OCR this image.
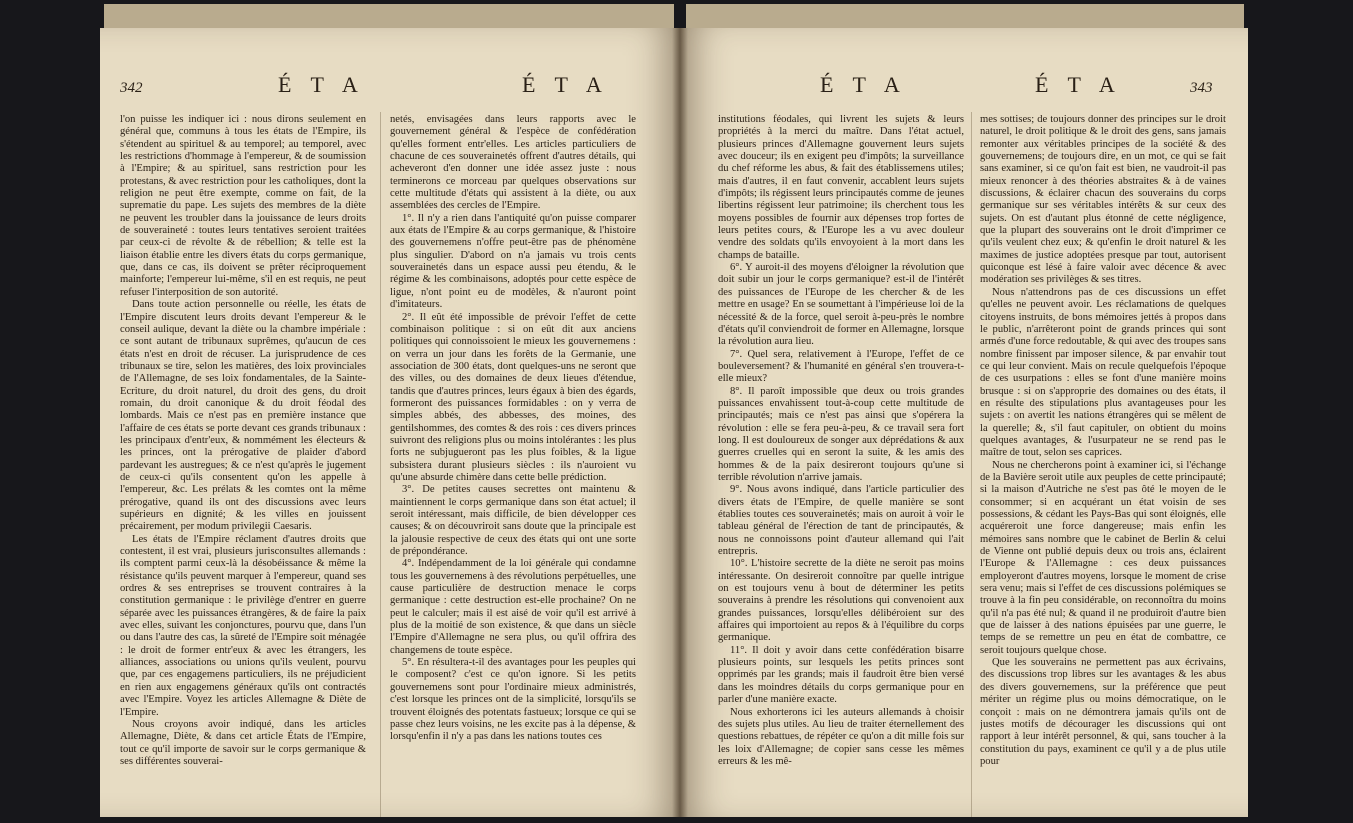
342	É T A	É T A

l'on puisse les indiquer ici : nous dirons seulement en général que, communs à tous les états de l'Empire, ils s'étendent au spirituel & au temporel; au temporel, avec les restrictions d'hommage à l'empereur, & de soumission à l'Empire; & au spirituel, sans restriction pour les protestans, & avec restriction pour les catholiques, dont la religion ne peut être exempte, comme on fait, de la suprematie du pape. Les sujets des membres de la diète ne peuvent les troubler dans la jouissance de leurs droits de souveraineté : toutes leurs tentatives seroient traitées par ceux-ci de révolte & de rébellion; & telle est la liaison établie entre les divers états du corps germanique, que, dans ce cas, ils doivent se prêter réciproquement mainforte; l'empereur lui-même, s'il en est requis, ne peut refuser l'interposition de son autorité.

Dans toute action personnelle ou réelle, les états de l'Empire discutent leurs droits devant l'empereur & le conseil aulique, devant la diète ou la chambre impériale : ce sont autant de tribunaux suprêmes, qu'aucun de ces états n'est en droit de récuser. La jurisprudence de ces tribunaux se tire, selon les matières, des loix provinciales de l'Allemagne, de ses loix fondamentales, de la Sainte-Ecriture, du droit naturel, du droit des gens, du droit romain, du droit canonique & du droit féodal des lombards. Mais ce n'est pas en première instance que l'affaire de ces états se porte devant ces grands tribunaux : les principaux d'entr'eux, & nommément les électeurs & les princes, ont la prérogative de plaider d'abord pardevant les austregues; & ce n'est qu'après le jugement de ceux-ci qu'ils consentent qu'on les appelle à l'empereur, &c. Les prélats & les comtes ont la même prérogative, quand ils ont des discussions avec leurs supérieurs en dignité; & les villes en jouissent précairement, per modum privilegii Caesaris.

Les états de l'Empire réclament d'autres droits que contestent, il est vrai, plusieurs jurisconsultes allemands : ils comptent parmi ceux-là la désobéissance & même la résistance qu'ils peuvent marquer à l'empereur, quand ses ordres & ses entreprises se trouvent contraires à la constitution germanique : le privilège d'entrer en guerre séparée avec les puissances étrangères, & de faire la paix avec elles, suivant les conjonctures, pourvu que, dans l'un ou dans l'autre des cas, la sûreté de l'Empire soit ménagée : le droit de former entr'eux & avec les étrangers, les alliances, associations ou unions qu'ils veulent, pourvu que, par ces engagemens particuliers, ils ne préjudicient en rien aux engagemens généraux qu'ils ont contractés avec l'Empire. Voyez les articles Allemagne & Diète de l'Empire.

Nous croyons avoir indiqué, dans les articles Allemagne, Diète, & dans cet article États de l'Empire, tout ce qu'il importe de savoir sur le corps germanique & ses différentes souverai-

netés, envisagées dans leurs rapports avec le gouvernement général & l'espèce de confédération qu'elles forment entr'elles. Les articles particuliers de chacune de ces souverainetés offrent d'autres détails, qui acheveront d'en donner une idée assez juste : nous terminerons ce morceau par quelques observations sur cette multitude d'états qui assistent à la diète, ou aux assemblées des cercles de l'Empire.

1°. Il n'y a rien dans l'antiquité qu'on puisse comparer aux états de l'Empire & au corps germanique, & l'histoire des gouvernemens n'offre peut-être pas de phénomène plus singulier. D'abord on n'a jamais vu trois cents souverainetés dans un espace aussi peu étendu, & le régime & les combinaisons, adoptés pour cette espèce de ligue, n'ont point eu de modèles, & n'auront point d'imitateurs.

2°. Il eût été impossible de prévoir l'effet de cette combinaison politique : si on eût dit aux anciens politiques qui connoissoient le mieux les gouvernemens : on verra un jour dans les forêts de la Germanie, une association de 300 états, dont quelques-uns ne seront que des villes, ou des domaines de deux lieues d'étendue, tandis que d'autres princes, leurs égaux à bien des égards, formeront des puissances formidables : on y verra de simples abbés, des abbesses, des moines, des gentilshommes, des comtes & des rois : ces divers princes suivront des religions plus ou moins intolérantes : les plus forts ne subjugueront pas les plus foibles, & la ligue subsistera durant plusieurs siècles : ils n'auroient vu qu'une absurde chimère dans cette belle prédiction.

3°. De petites causes secrettes ont maintenu & maintiennent le corps germanique dans son état actuel; il seroit intéressant, mais difficile, de bien développer ces causes; & on découvriroit sans doute que la principale est la jalousie respective de ceux des états qui ont une sorte de prépondérance.

4°. Indépendamment de la loi générale qui condamne tous les gouvernemens à des révolutions perpétuelles, une cause particulière de destruction menace le corps germanique : cette destruction est-elle prochaine? On ne peut le calculer; mais il est aisé de voir qu'il est arrivé à plus de la moitié de son existence, & que dans un siècle l'Empire d'Allemagne ne sera plus, ou qu'il offrira des changemens de toute espèce.

5°. En résultera-t-il des avantages pour les peuples qui le composent? c'est ce qu'on ignore. Si les petits gouvernemens sont pour l'ordinaire mieux administrés, c'est lorsque les princes ont de la simplicité, lorsqu'ils se trouvent éloignés des potentats fastueux; lorsque ce qui se passe chez leurs voisins, ne les excite pas à la dépense, & lorsqu'enfin il n'y a pas dans les nations toutes ces

É T A	É T A	343

institutions féodales, qui livrent les sujets & leurs propriétés à la merci du maître. Dans l'état actuel, plusieurs princes d'Allemagne gouvernent leurs sujets avec douceur; ils en exigent peu d'impôts; la surveillance du chef réforme les abus, & fait des établissemens utiles; mais d'autres, il en faut convenir, accablent leurs sujets d'impôts; ils régissent leurs principautés comme de jeunes libertins régissent leur patrimoine; ils cherchent tous les moyens possibles de fournir aux dépenses trop fortes de leurs petites cours, & l'Europe les a vu avec douleur vendre des soldats qu'ils envoyoient à la mort dans les champs de bataille.

6°. Y auroit-il des moyens d'éloigner la révolution que doit subir un jour le corps germanique? est-il de l'intérêt des puissances de l'Europe de les chercher & de les mettre en usage? En se soumettant à l'impérieuse loi de la nécessité & de la force, quel seroit à-peu-près le nombre d'états qu'il conviendroit de former en Allemagne, lorsque la révolution aura lieu.

7°. Quel sera, relativement à l'Europe, l'effet de ce bouleversement? & l'humanité en général s'en trouvera-t-elle mieux?

8°. Il paroît impossible que deux ou trois grandes puissances envahissent tout-à-coup cette multitude de principautés; mais ce n'est pas ainsi que s'opérera la révolution : elle se fera peu-à-peu, & ce travail sera fort long. Il est douloureux de songer aux déprédations & aux guerres cruelles qui en seront la suite, & les amis des hommes & de la paix desireront toujours qu'une si terrible révolution n'arrive jamais.

9°. Nous avons indiqué, dans l'article particulier des divers états de l'Empire, de quelle manière se sont établies toutes ces souverainetés; mais on auroit à voir le tableau général de l'érection de tant de principautés, & nous ne connoissons point d'auteur allemand qui l'ait entrepris.

10°. L'histoire secrette de la diète ne seroit pas moins intéressante. On desireroit connoître par quelle intrigue on est toujours venu à bout de déterminer les petits souverains à prendre les résolutions qui convenoient aux grandes puissances, lorsqu'elles délibéroient sur des affaires qui importoient au repos & à l'équilibre du corps germanique.

11°. Il doit y avoir dans cette confédération bisarre plusieurs points, sur lesquels les petits princes sont opprimés par les grands; mais il faudroit être bien versé dans les moindres détails du corps germanique pour en parler d'une manière exacte.

Nous exhorterons ici les auteurs allemands à choisir des sujets plus utiles. Au lieu de traiter éternellement des questions rebattues, de répéter ce qu'on a dit mille fois sur les loix d'Allemagne; de copier sans cesse les mêmes erreurs & les mê-

mes sottises; de toujours donner des principes sur le droit naturel, le droit politique & le droit des gens, sans jamais remonter aux véritables principes de la société & des gouvernemens; de toujours dire, en un mot, ce qui se fait sans examiner, si ce qu'on fait est bien, ne vaudroit-il pas mieux renoncer à des théories abstraites & à de vaines discussions, & éclairer chacun des souverains du corps germanique sur ses véritables intérêts & sur ceux des sujets. On est d'autant plus étonné de cette négligence, que la plupart des souverains ont le droit d'imprimer ce qu'ils veulent chez eux; & qu'enfin le droit naturel & les maximes de justice adoptées presque par tout, autorisent quiconque est lésé à faire valoir avec décence & avec modération ses privilèges & ses titres.

Nous n'attendrons pas de ces discussions un effet qu'elles ne peuvent avoir. Les réclamations de quelques citoyens instruits, de bons mémoires jettés à propos dans le public, n'arrêteront point de grands princes qui sont armés d'une force redoutable, & qui avec des troupes sans nombre finissent par imposer silence, & par envahir tout ce qui leur convient. Mais on recule quelquefois l'époque de ces usurpations : elles se font d'une manière moins brusque : si on s'approprie des domaines ou des états, il en résulte des stipulations plus avantageuses pour les sujets : on avertit les nations étrangères qui se mêlent de la querelle; &, s'il faut capituler, on obtient du moins quelques avantages, & l'usurpateur ne se rend pas le maître de tout, selon ses caprices.

Nous ne chercherons point à examiner ici, si l'échange de la Bavière seroit utile aux peuples de cette principauté; si la maison d'Autriche ne s'est pas ôté le moyen de le consommer; si en acquérant un état voisin de ses possessions, & cédant les Pays-Bas qui sont éloignés, elle acquéreroit une force dangereuse; mais enfin les mémoires sans nombre que le cabinet de Berlin & celui de Vienne ont publié depuis deux ou trois ans, éclairent l'Europe & l'Allemagne : ces deux puissances employeront d'autres moyens, lorsque le moment de crise sera venu; mais si l'effet de ces discussions polémiques se trouve à la fin peu considérable, on reconnoîtra du moins qu'il n'a pas été nul; & quand il ne produiroit d'autre bien que de laisser à des nations épuisées par une guerre, le temps de se remettre un peu en état de combattre, ce seroit toujours quelque chose.

Que les souverains ne permettent pas aux écrivains, des discussions trop libres sur les avantages & les abus des divers gouvernemens, sur la préférence que peut mériter un régime plus ou moins démocratique, on le conçoit : mais on ne démontrera jamais qu'ils ont de justes motifs de décourager les discussions qui ont rapport à leur intérêt personnel, & qui, sans toucher à la constitution du pays, examinent ce qu'il y a de plus utile pour
